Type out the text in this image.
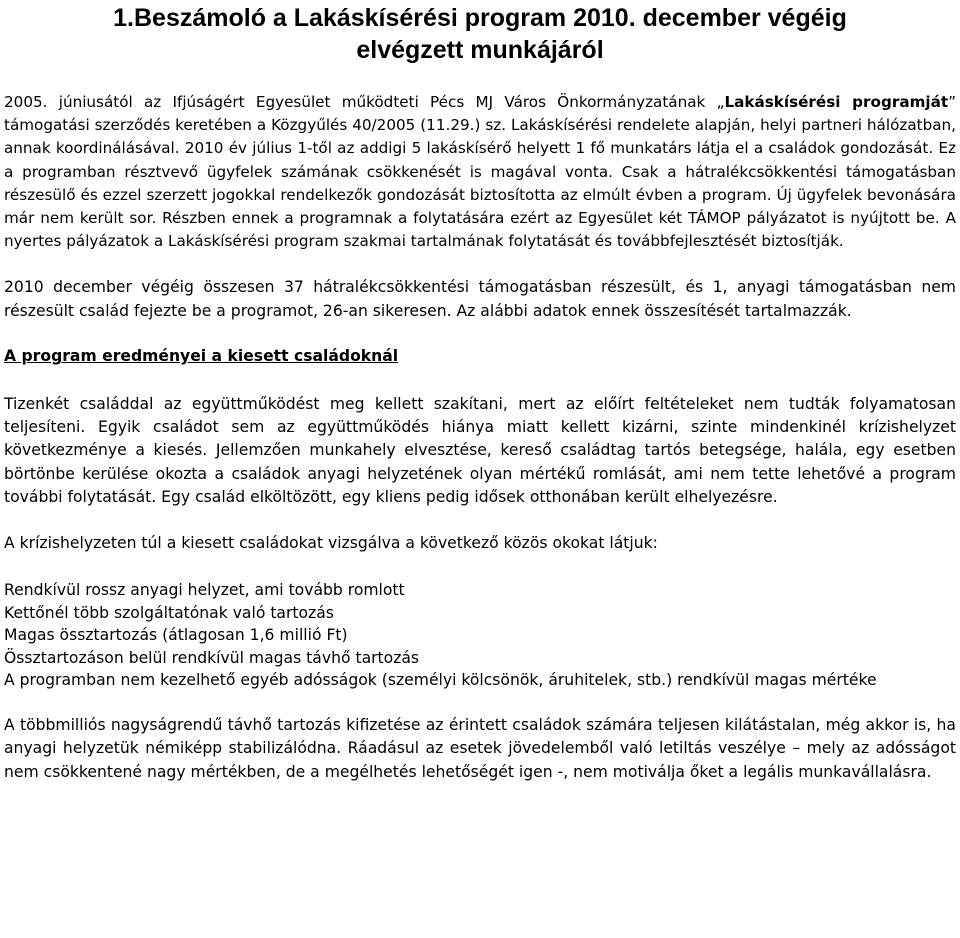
1.Beszámoló a Lakáskísérési program 2010. december végéig
elvégzett munkájáról

2005. júniusától az Ifjúságért Egyesület működteti Pécs MJ Város Önkormányzatának „Lakáskísérési programját” támogatási szerződés keretében a Közgyűlés 40/2005 (11.29.) sz. Lakáskísérési rendelete alapján, helyi partneri hálózatban, annak koordinálásával. 2010 év július 1-től az addigi 5 lakáskísérő helyett 1 fő munkatárs látja el a családok gondozását. Ez a programban résztvevő ügyfelek számának csökkenését is magával vonta. Csak a hátralékcsökkentési támogatásban részesülő és ezzel szerzett jogokkal rendelkezők gondozását biztosította az elmúlt évben a program. Új ügyfelek bevonására már nem került sor. Részben ennek a programnak a folytatására ezért az Egyesület két TÁMOP pályázatot is nyújtott be. A nyertes pályázatok a Lakáskísérési program szakmai tartalmának folytatását és továbbfejlesztését biztosítják.

2010 december végéig összesen 37 hátralékcsökkentési támogatásban részesült, és 1, anyagi támogatásban nem részesült család fejezte be a programot, 26-an sikeresen. Az alábbi adatok ennek összesítését tartalmazzák.

A program eredményei a kiesett családoknál

Tizenkét családdal az együttműködést meg kellett szakítani, mert az előírt feltételeket nem tudták folyamatosan teljesíteni. Egyik családot sem az együttműködés hiánya miatt kellett kizárni, szinte mindenkinél krízishelyzet következménye a kiesés. Jellemzően munkahely elvesztése, kereső családtag tartós betegsége, halála, egy esetben börtönbe kerülése okozta a családok anyagi helyzetének olyan mértékű romlását, ami nem tette lehetővé a program további folytatását. Egy család elköltözött, egy kliens pedig idősek otthonában került elhelyezésre.

A krízishelyzeten túl a kiesett családokat vizsgálva a következő közös okokat látjuk:

Rendkívül rossz anyagi helyzet, ami tovább romlott
Kettőnél több szolgáltatónak való tartozás
Magas össztartozás (átlagosan 1,6 millió Ft)
Össztartozáson belül rendkívül magas távhő tartozás
A programban nem kezelhető egyéb adósságok (személyi kölcsönök, áruhitelek, stb.) rendkívül magas mértéke

A többmilliós nagyságrendű távhő tartozás kifizetése az érintett családok számára teljesen kilátástalan, még akkor is, ha anyagi helyzetük némiképp stabilizálódna. Ráadásul az esetek jövedelemből való letiltás veszélye – mely az adósságot nem csökkentené nagy mértékben, de a megélhetés lehetőségét igen -, nem motiválja őket a legális munkavállalásra.
